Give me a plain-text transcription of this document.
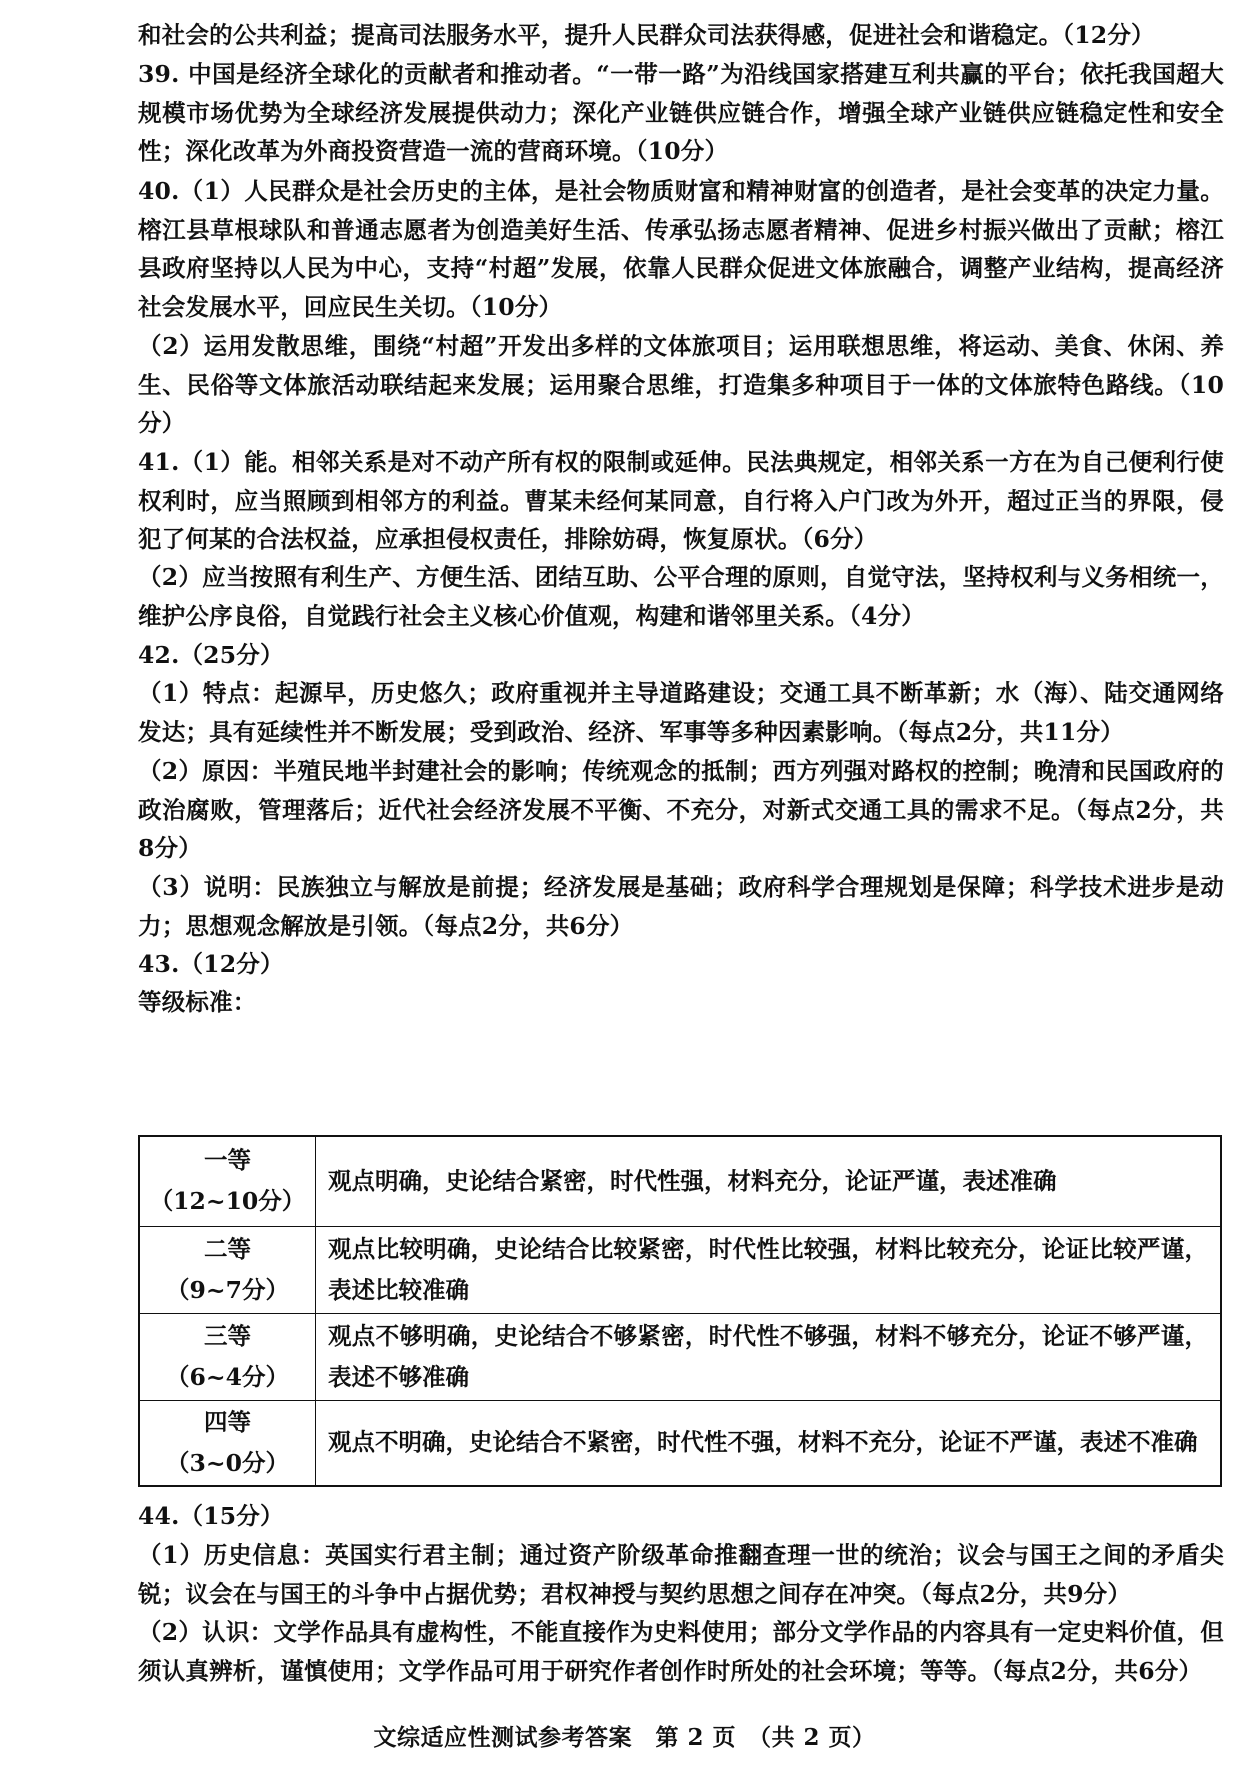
和社会的公共利益；提高司法服务水平，提升人民群众司法获得感，促进社会和谐稳定。（12分）

39. 中国是经济全球化的贡献者和推动者。“一带一路”为沿线国家搭建互利共赢的平台；依托我国超大规模市场优势为全球经济发展提供动力；深化产业链供应链合作，增强全球产业链供应链稳定性和安全性；深化改革为外商投资营造一流的营商环境。（10分）

40.（1）人民群众是社会历史的主体，是社会物质财富和精神财富的创造者，是社会变革的决定力量。榕江县草根球队和普通志愿者为创造美好生活、传承弘扬志愿者精神、促进乡村振兴做出了贡献；榕江县政府坚持以人民为中心，支持“村超”发展，依靠人民群众促进文体旅融合，调整产业结构，提高经济社会发展水平，回应民生关切。（10分）

（2）运用发散思维，围绕“村超”开发出多样的文体旅项目；运用联想思维，将运动、美食、休闲、养生、民俗等文体旅活动联结起来发展；运用聚合思维，打造集多种项目于一体的文体旅特色路线。（10分）

41.（1）能。相邻关系是对不动产所有权的限制或延伸。民法典规定，相邻关系一方在为自己便利行使权利时，应当照顾到相邻方的利益。曹某未经何某同意，自行将入户门改为外开，超过正当的界限，侵犯了何某的合法权益，应承担侵权责任，排除妨碍，恢复原状。（6分）

（2）应当按照有利生产、方便生活、团结互助、公平合理的原则，自觉守法，坚持权利与义务相统一，维护公序良俗，自觉践行社会主义核心价值观，构建和谐邻里关系。（4分）

42.（25分）

（1）特点：起源早，历史悠久；政府重视并主导道路建设；交通工具不断革新；水（海）、陆交通网络发达；具有延续性并不断发展；受到政治、经济、军事等多种因素影响。（每点2分，共11分）

（2）原因：半殖民地半封建社会的影响；传统观念的抵制；西方列强对路权的控制；晚清和民国政府的政治腐败，管理落后；近代社会经济发展不平衡、不充分，对新式交通工具的需求不足。（每点2分，共8分）

（3）说明：民族独立与解放是前提；经济发展是基础；政府科学合理规划是保障；科学技术进步是动力；思想观念解放是引领。（每点2分，共6分）

43.（12分）

等级标准：

一等
（12~10分）	观点明确，史论结合紧密，时代性强，材料充分，论证严谨，表述准确

二等
（9~7分）	观点比较明确，史论结合比较紧密，时代性比较强，材料比较充分，论证比较严谨，表述比较准确

三等
（6~4分）	观点不够明确，史论结合不够紧密，时代性不够强，材料不够充分，论证不够严谨，表述不够准确

四等
（3~0分）	观点不明确，史论结合不紧密，时代性不强，材料不充分，论证不严谨，表述不准确

44.（15分）

（1）历史信息：英国实行君主制；通过资产阶级革命推翻查理一世的统治；议会与国王之间的矛盾尖锐；议会在与国王的斗争中占据优势；君权神授与契约思想之间存在冲突。（每点2分，共9分）

（2）认识：文学作品具有虚构性，不能直接作为史料使用；部分文学作品的内容具有一定史料价值，但须认真辨析，谨慎使用；文学作品可用于研究作者创作时所处的社会环境；等等。（每点2分，共6分）

文综适应性测试参考答案　第 2 页　（共 2 页）
